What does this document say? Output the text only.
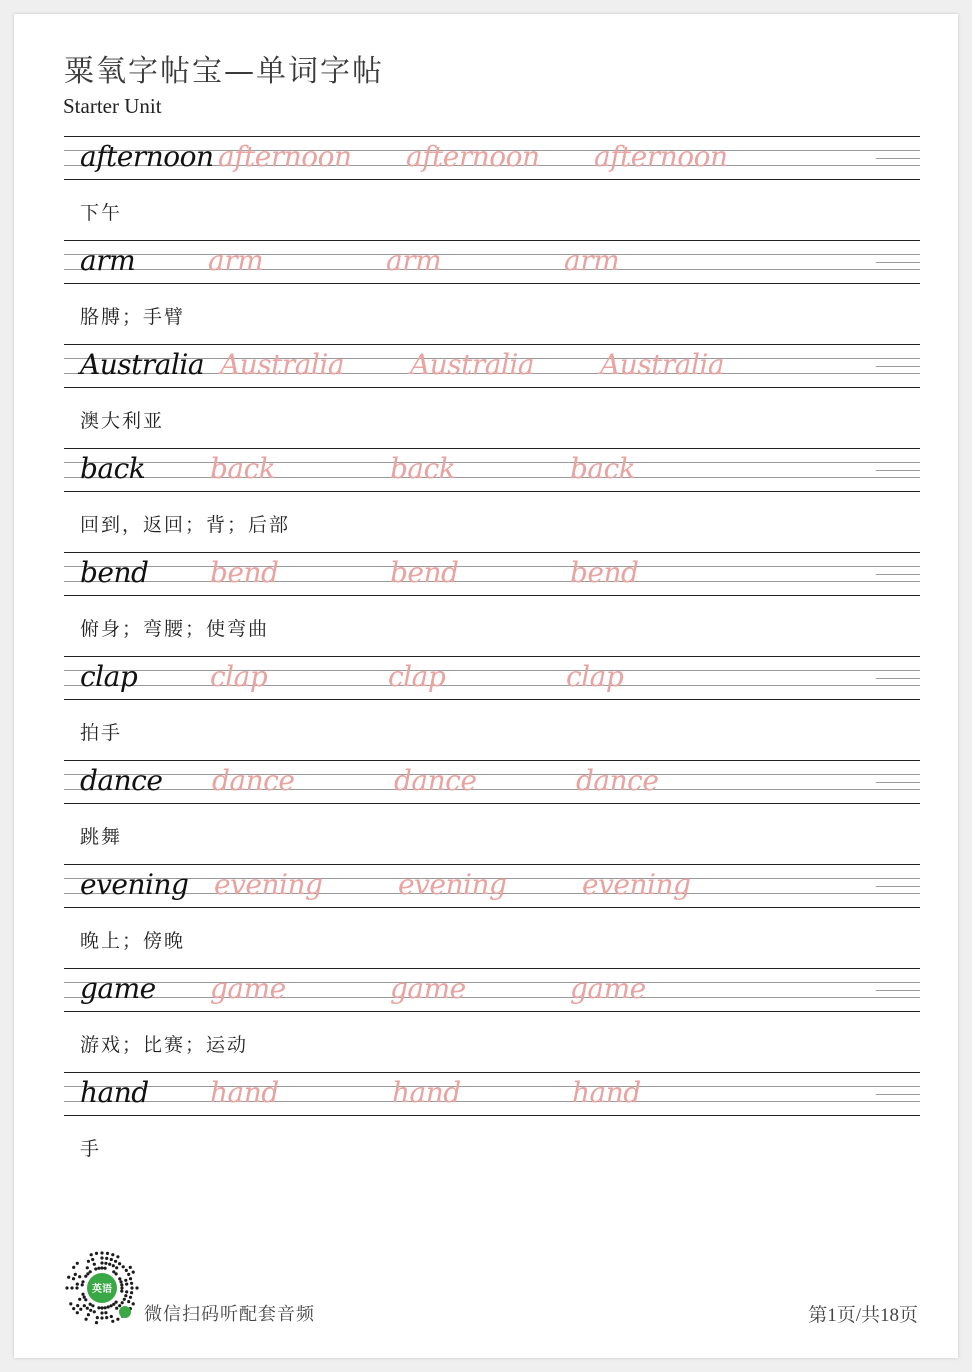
粟氧字帖宝—单词字帖
Starter Unit
afternoon afternoon afternoon afternoon
下午
arm	arm	arm	arm
胳膊；手臂
Australia Australia Australia Australia
澳大利亚
back back	back	back
回到，返回；背；后部
bend bend	bend	bend
俯身；弯腰；使弯曲
clap	clap	clap	clap
拍手
dance dance	dance	dance
跳舞
evening evening	evening	evening
晚上；傍晚
game game	game	game
游戏；比赛；运动
hand hand	hand	hand
手
英语
微信扫码听配套音频	第1页/共18页
